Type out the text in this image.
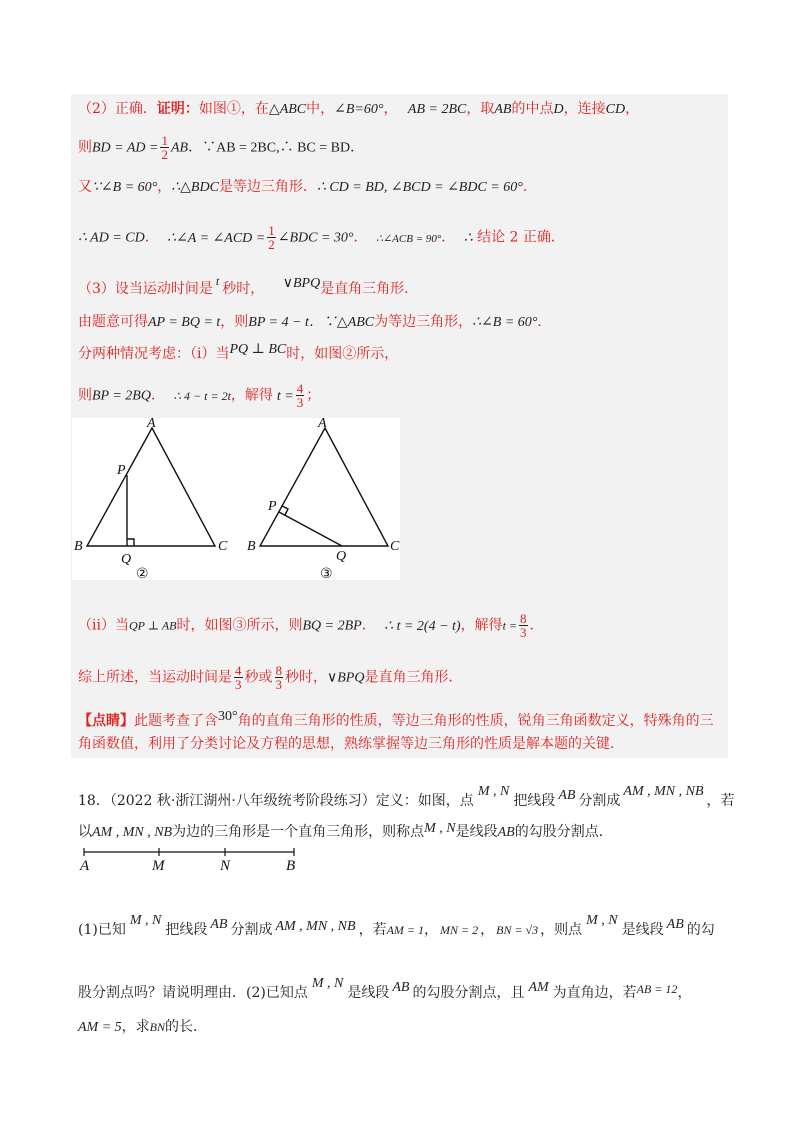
（2）正确．证明：如图①，在△ABC中，∠B=60°， AB = 2BC，取AB的中点D，连接CD，
则BD = AD = $\frac{1}{2}$ AB．∵AB = 2BC,∴ BC = BD．
又∵∠B = 60°，∴△BDC是等边三角形．∴ CD = BD, ∠BCD = ∠BDC = 60°．
∴ AD = CD． ∴∠A = ∠ACD = $\frac{1}{2}$ ∠BDC = 30°． ∴∠ACB = 90°． ∴ 结论 2 正确．
（3）设当运动时间是 t 秒时， ∨BPQ是直角三角形．
由题意可得AP = BQ = t，则BP = 4 − t．∵△ABC为等边三角形，∴∠B = 60°．
分两种情况考虑：（ⅰ）当PQ ⊥ BC时，如图②所示，
则BP = 2BQ． ∴ 4 − t = 2t，解得 $t = \frac{4}{3}$ ；
A
P
B
Q
C
②
A
P
B
Q
C
③
（ⅱ）当QP ⊥ AB时，如图③所示，则BQ = 2BP． ∴ t = 2(4 − t)，解得$t = \frac{8}{3}$ ．
综上所述，当运动时间是 $\frac{4}{3}$ 秒或 $\frac{8}{3}$ 秒时，∨BPQ是直角三角形．
【点睛】此题考查了含30°角的直角三角形的性质，等边三角形的性质，锐角三角函数定义，特殊角的三
角函数值，利用了分类讨论及方程的思想，熟练掌握等边三角形的性质是解本题的关键．
18．（2022 秋·浙江湖州·八年级统考阶段练习）定义：如图，点M , N把线段 AB 分割成AM , MN , NB，若
以AM , MN , NB为边的三角形是一个直角三角形，则称点M , N是线段AB的勾股分割点．
A	M	N	B
(1)已知M , N把线段 AB 分割成 AM , MN , NB ，若AM = 1， MN = 2 ， BN = √3 ，则点M , N是线段 AB 的勾
股分割点吗？请说明理由．(2)已知点M , N是线段 AB 的勾股分割点，且 AM 为直角边，若AB = 12，
AM = 5，求BN的长．
